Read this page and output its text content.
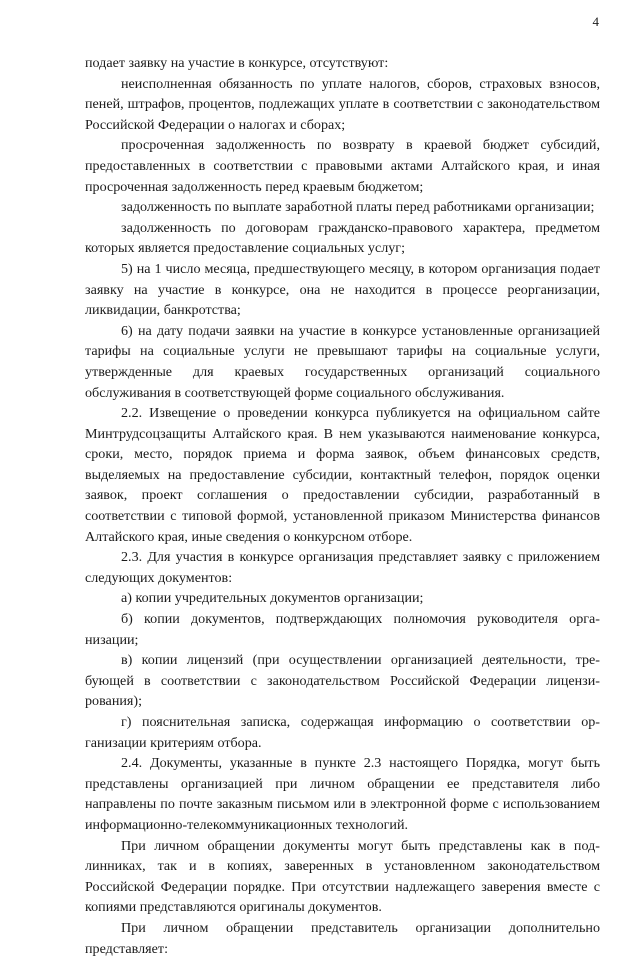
4

подает заявку на участие в конкурсе, отсутствуют:

неисполненная обязанность по уплате налогов, сборов, страховых взносов, пеней, штрафов, процентов, подлежащих уплате в соответствии с законодательством Российской Федерации о налогах и сборах;

просроченная задолженность по возврату в краевой бюджет субсидий, предоставленных в соответствии с правовыми актами Алтайского края, и иная просроченная задолженность перед краевым бюджетом;

задолженность по выплате заработной платы перед работниками организации;

задолженность по договорам гражданско-правового характера, предметом которых является предоставление социальных услуг;

5) на 1 число месяца, предшествующего месяцу, в котором организация подает заявку на участие в конкурсе, она не находится в процессе реорганизации, ликвидации, банкротства;

6) на дату подачи заявки на участие в конкурсе установленные организацией тарифы на социальные услуги не превышают тарифы на социальные услуги, утвержденные для краевых государственных организаций социального обслуживания в соответствующей форме социального обслуживания.

2.2. Извещение о проведении конкурса публикуется на официальном сайте Минтрудсоцзащиты Алтайского края. В нем указываются наименование конкурса, сроки, место, порядок приема и форма заявок, объем финансовых средств, выделяемых на предоставление субсидии, контактный телефон, порядок оценки заявок, проект соглашения о предоставлении субсидии, разработанный в соответствии с типовой формой, установленной приказом Министерства финансов Алтайского края, иные сведения о конкурсном отборе.

2.3. Для участия в конкурсе организация представляет заявку с приложением следующих документов:

а) копии учредительных документов организации;

б) копии документов, подтверждающих полномочия руководителя организации;

в) копии лицензий (при осуществлении организацией деятельности, требующей в соответствии с законодательством Российской Федерации лицензирования);

г) пояснительная записка, содержащая информацию о соответствии организации критериям отбора.

2.4. Документы, указанные в пункте 2.3 настоящего Порядка, могут быть представлены организацией при личном обращении ее представителя либо направлены по почте заказным письмом или в электронной форме с использованием информационно-телекоммуникационных технологий.

При личном обращении документы могут быть представлены как в подлинниках, так и в копиях, заверенных в установленном законодательством Российской Федерации порядке. При отсутствии надлежащего заверения вместе с копиями представляются оригиналы документов.

При личном обращении представитель организации дополнительно представляет:
